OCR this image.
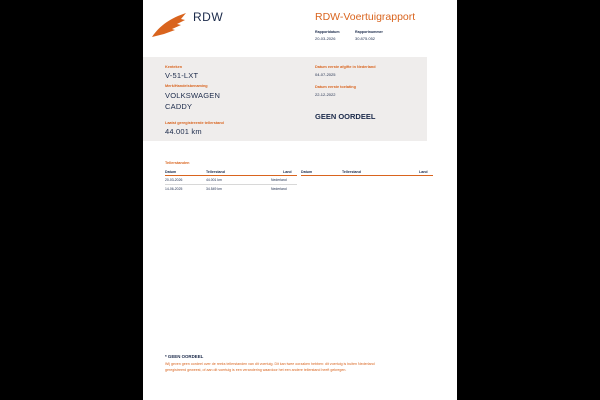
RDW	RDW-Voertuigrapport
Rapportdatum
20-03-2026
Rapportnummer
30.875.052
Kenteken
V-51-LXT
Merk/Handelsbenaming
VOLKSWAGEN
CADDY
Laatst geregistreerde tellerstand
44.001 km
Datum eerste afgifte in Nederland
04-07-2025
Datum eerste toelating
22-12-2022
GEEN OORDEEL
Tellerstanden
Datum	Tellerstand	Land	Datum	Tellerstand	Land
20-03-2026	44.001 km	Nederland
14-06-2025	34.549 km	Nederland
* GEEN OORDEEL
Wij geven geen oordeel over de reeks tellerstanden van dit voertuig. Dit kan twee oorzaken hebben: dit voertuig is buiten Nederland geregistreerd geweest, of aan dit voertuig is een verandering waardoor het een andere tellerstand heeft gekregen.
